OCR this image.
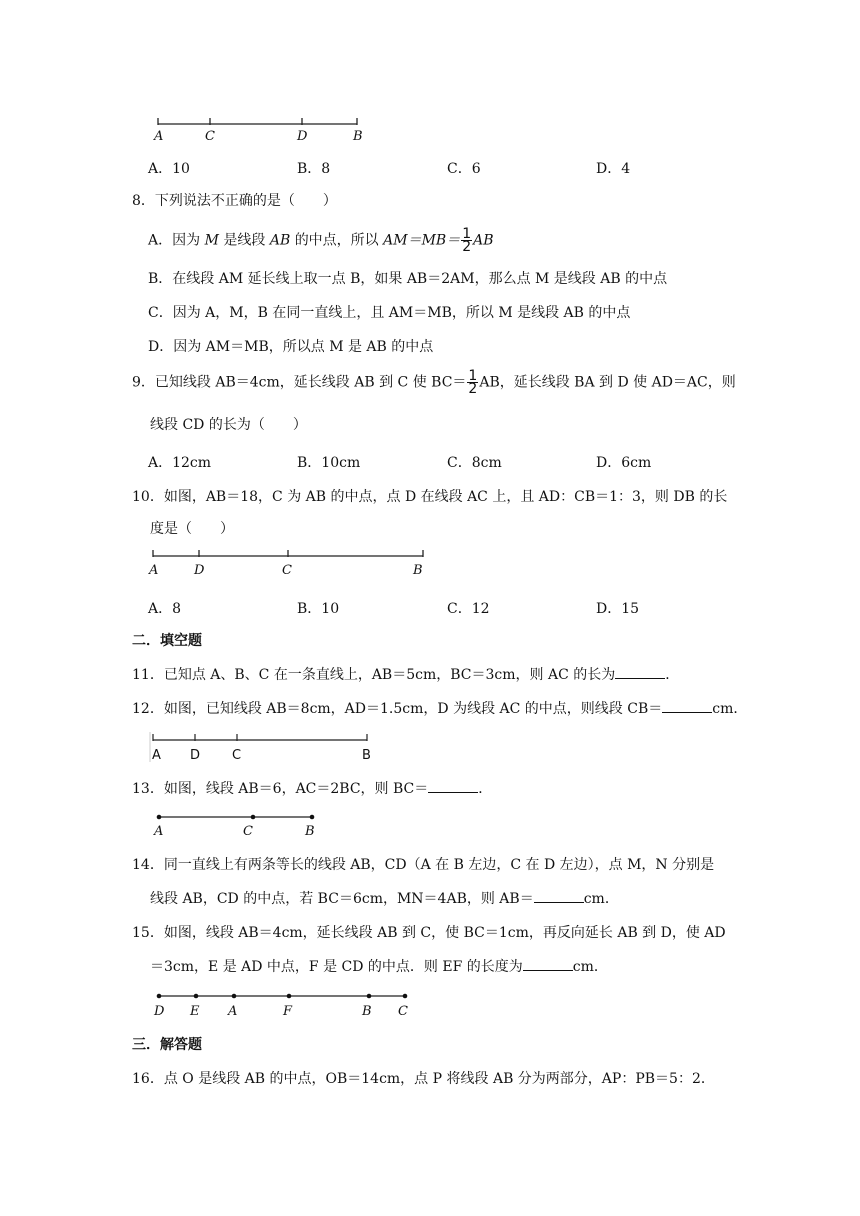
A	C	D	B
A．10	B．8	C．6	D．4
8．下列说法不正确的是（　　）
A．因为 M 是线段 AB 的中点，所以 $AM=MB= \frac{1}{2}$ AB
B．在线段 AM 延长线上取一点 B，如果 AB＝2AM，那么点 M 是线段 AB 的中点
C．因为 A，M，B 在同一直线上，且 AM＝MB，所以 M 是线段 AB 的中点
D．因为 AM＝MB，所以点 M 是 AB 的中点
9．已知线段 AB＝4cm，延长线段 AB 到 C 使 $BC= \frac{1}{2}$ AB，延长线段 BA 到 D 使 AD＝AC，则
线段 CD 的长为（　　）
A．12cm	B．10cm	C．8cm	D．6cm
10．如图，AB＝18，C 为 AB 的中点，点 D 在线段 AC 上，且 AD：CB＝1：3，则 DB 的长
度是（　　）
A	D	C	B
A．8	B．10	C．12	D．15
二．填空题
11．已知点 A、B、C 在一条直线上，AB＝5cm，BC＝3cm，则 AC 的长为	．
12．如图，已知线段 AB＝8cm，AD＝1.5cm，D 为线段 AC 的中点，则线段 CB＝	cm．
A D C	B
13．如图，线段 AB＝6，AC＝2BC，则 BC＝	．
A	C	B
14．同一直线上有两条等长的线段 AB，CD（A 在 B 左边，C 在 D 左边），点 M，N 分别是
线段 AB，CD 的中点，若 BC＝6cm，MN＝4AB，则 AB＝	cm．
15．如图，线段 AB＝4cm，延长线段 AB 到 C，使 BC＝1cm，再反向延长 AB 到 D，使 AD
＝3cm，E 是 AD 中点，F 是 CD 的中点．则 EF 的长度为	cm．
D E A	F	B C
三．解答题
16．点 O 是线段 AB 的中点，OB＝14cm，点 P 将线段 AB 分为两部分，AP：PB＝5：2．
